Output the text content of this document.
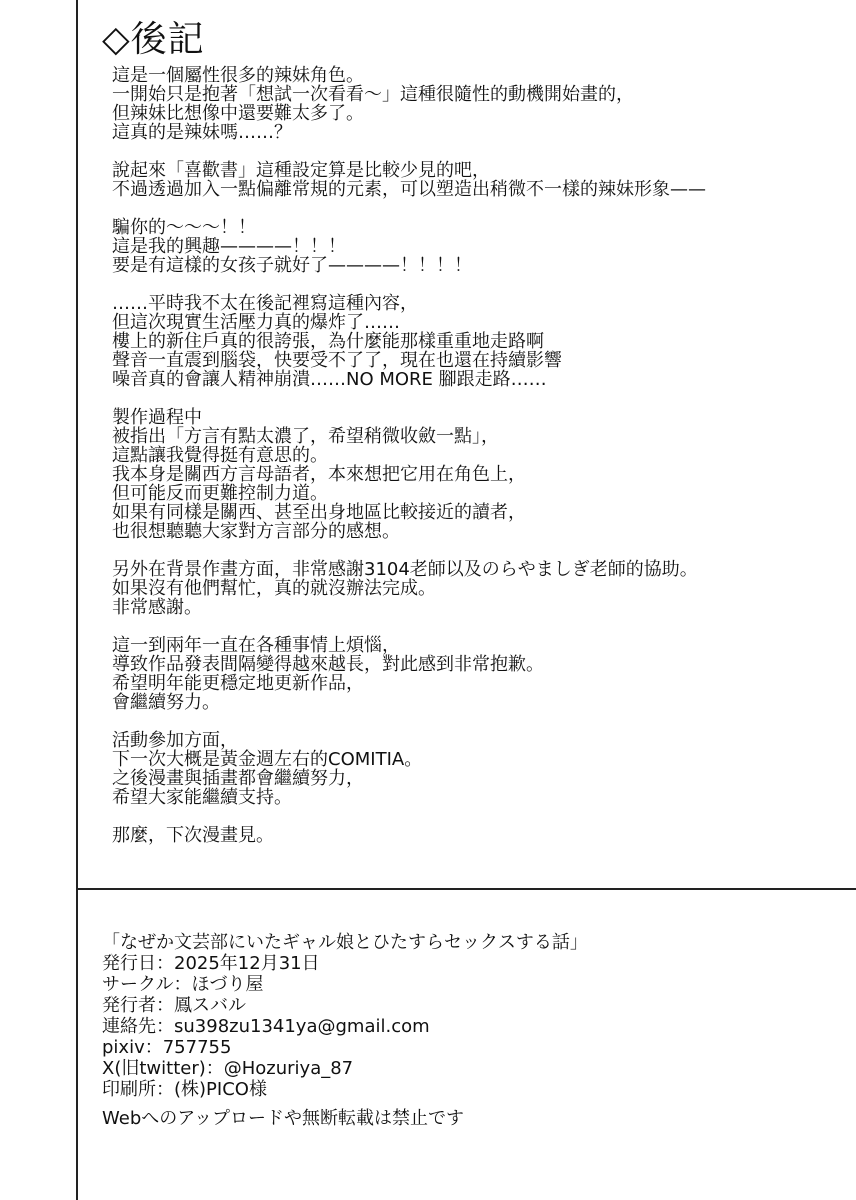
◇後記
這是一個屬性很多的辣妹角色。
一開始只是抱著「想試一次看看〜」這種很隨性的動機開始畫的，
但辣妹比想像中還要難太多了。
這真的是辣妹嗎……？
說起來「喜歡書」這種設定算是比較少見的吧，
不過透過加入一點偏離常規的元素，可以塑造出稍微不一樣的辣妹形象——
騙你的〜〜〜！！
這是我的興趣————！！！
要是有這樣的女孩子就好了————！！！！
……平時我不太在後記裡寫這種內容，
但這次現實生活壓力真的爆炸了……
樓上的新住戶真的很誇張，為什麼能那樣重重地走路啊
聲音一直震到腦袋，快要受不了了，現在也還在持續影響
噪音真的會讓人精神崩潰……NO MORE 腳跟走路……
製作過程中
被指出「方言有點太濃了，希望稍微收斂一點」，
這點讓我覺得挺有意思的。
我本身是關西方言母語者，本來想把它用在角色上，
但可能反而更難控制力道。
如果有同樣是關西、甚至出身地區比較接近的讀者，
也很想聽聽大家對方言部分的感想。
另外在背景作畫方面，非常感謝3104老師以及のらやましぎ老師的協助。
如果沒有他們幫忙，真的就沒辦法完成。
非常感謝。
這一到兩年一直在各種事情上煩惱，
導致作品發表間隔變得越來越長，對此感到非常抱歉。
希望明年能更穩定地更新作品，
會繼續努力。
活動參加方面，
下一次大概是黃金週左右的COMITIA。
之後漫畫與插畫都會繼續努力，
希望大家能繼續支持。
那麼，下次漫畫見。
「なぜか文芸部にいたギャル娘とひたすらセックスする話」
発行日：2025年12月31日
サークル：ほづり屋
発行者：鳳スバル
連絡先：su398zu1341ya@gmail.com
pixiv：757755
X(旧twitter)：@Hozuriya_87
印刷所：(株)PICO様
Webへのアップロードや無断転載は禁止です
